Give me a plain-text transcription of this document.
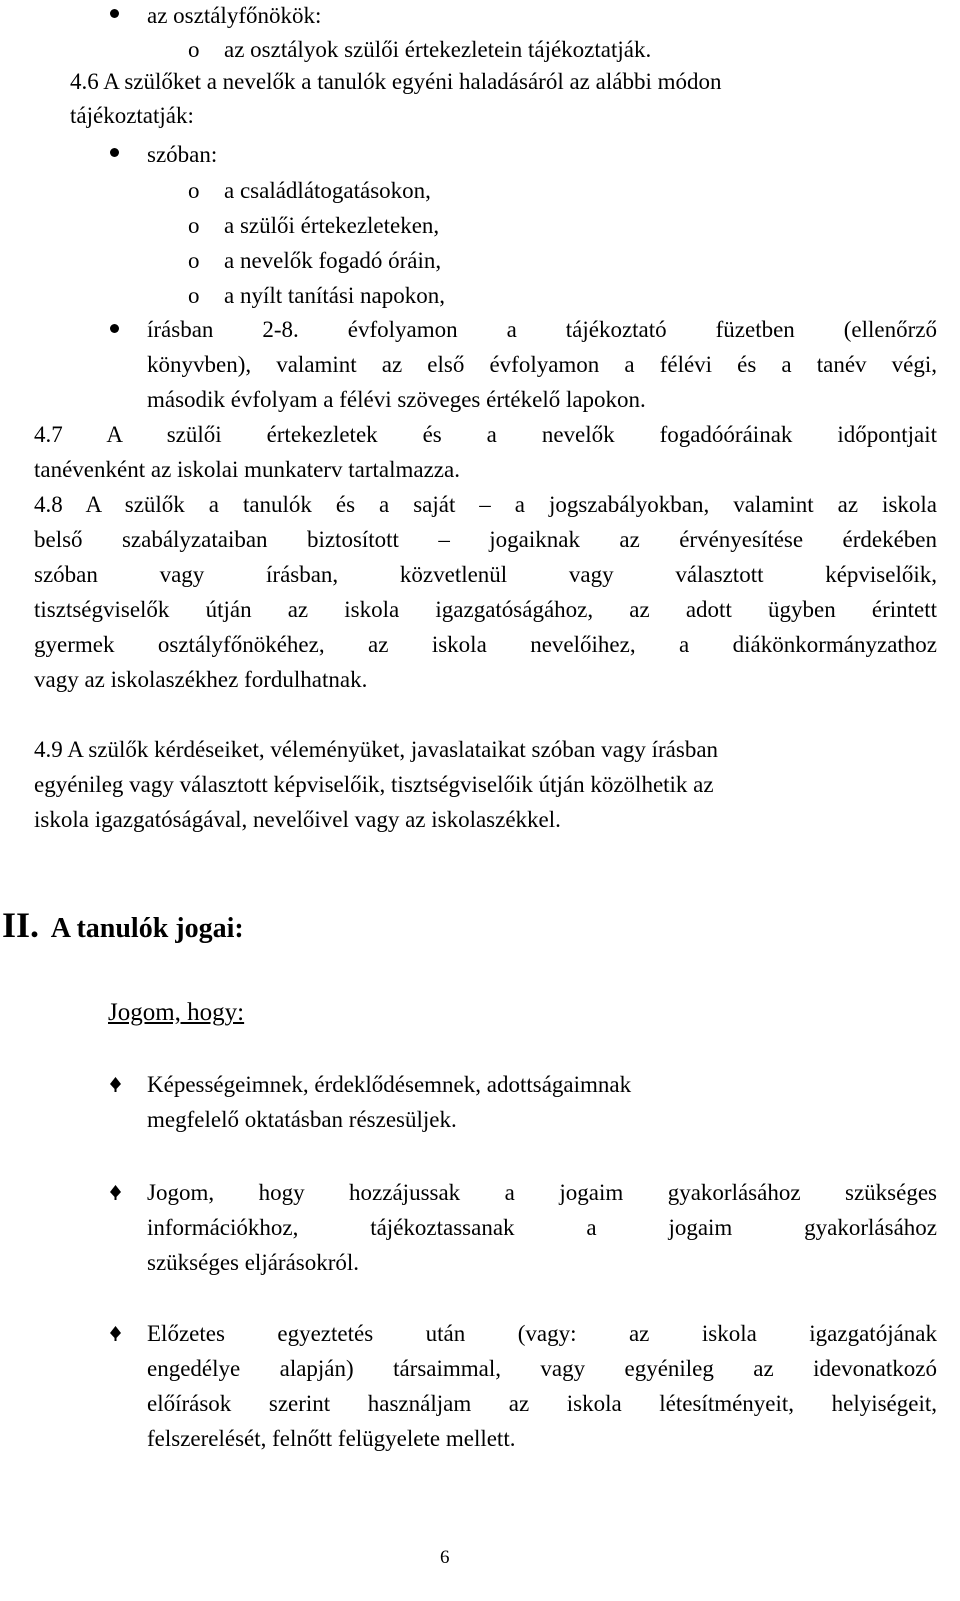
az osztályfőnökök:
o az osztályok szülői értekezletein tájékoztatják.
4.6 A szülőket a nevelők a tanulók egyéni haladásáról az alábbi módon
tájékoztatják:
szóban:
o a családlátogatásokon,
o a szülői értekezleteken,
o a nevelők fogadó óráin,
o a nyílt tanítási napokon,
írásban 2-8. évfolyamon a tájékoztató füzetben (ellenőrző
könyvben), valamint az első évfolyamon a félévi és a tanév végi,
második évfolyam a félévi szöveges értékelő lapokon.
4.7 A szülői értekezletek és a nevelők fogadóóráinak időpontjait
tanévenként az iskolai munkaterv tartalmazza.
4.8 A szülők a tanulók és a saját – a jogszabályokban, valamint az iskola
belső szabályzataiban biztosított – jogaiknak az érvényesítése érdekében
szóban vagy írásban, közvetlenül vagy választott képviselőik,
tisztségviselők útján az iskola igazgatóságához, az adott ügyben érintett
gyermek osztályfőnökéhez, az iskola nevelőihez, a diákönkormányzathoz
vagy az iskolaszékhez fordulhatnak.
4.9 A szülők kérdéseiket, véleményüket, javaslataikat szóban vagy írásban
egyénileg vagy választott képviselőik, tisztségviselőik útján közölhetik az
iskola igazgatóságával, nevelőivel vagy az iskolaszékkel.
II. A tanulók jogai:
Jogom, hogy:
Képességeimnek, érdeklődésemnek, adottságaimnak
megfelelő oktatásban részesüljek.
Jogom, hogy hozzájussak a jogaim gyakorlásához szükséges
információkhoz, tájékoztassanak a jogaim gyakorlásához
szükséges eljárásokról.
Előzetes egyeztetés után (vagy: az iskola igazgatójának
engedélye alapján) társaimmal, vagy egyénileg az idevonatkozó
előírások szerint használjam az iskola létesítményeit, helyiségeit,
felszerelését, felnőtt felügyelete mellett.
6
